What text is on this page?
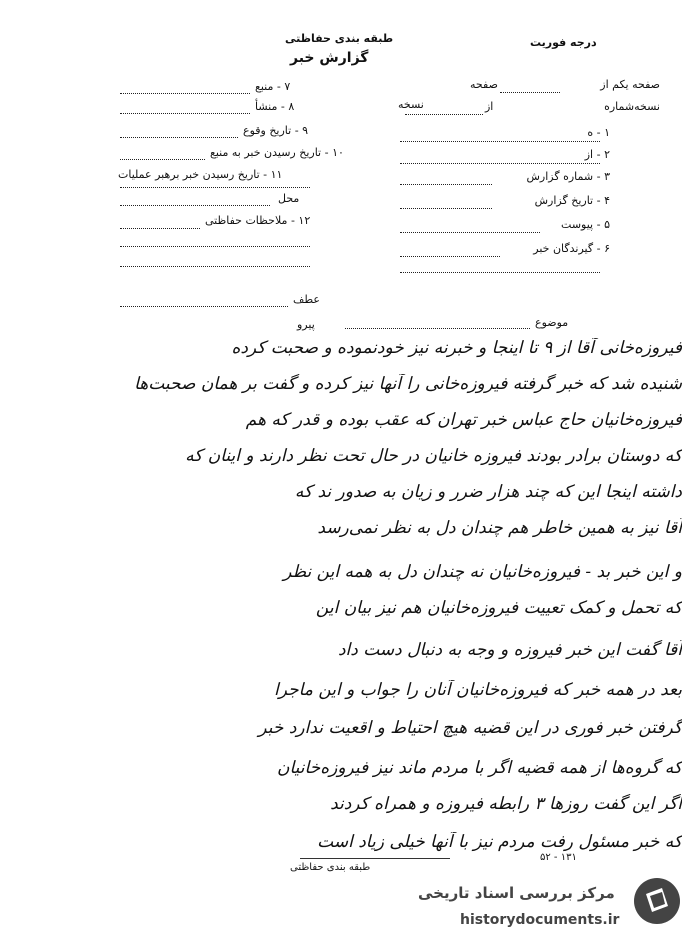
طبقه بندی حفاظتی
گزارش خبر
درجه فوریت
صفحه یکم از
صفحه
نسخه‌شماره
از
نسخه
۱ - ه
۲ - از
۳ - شماره گزارش
۴ - تاریخ گزارش
۵ - پیوست
۶ - گیرندگان خبر
۷ - منبع
۸ - منشأ
۹ - تاریخ وقوع
۱۰ - تاریخ رسیدن خبر به منبع
۱۱ - تاریخ رسیدن خبر برهبر عملیات
محل
۱۲ - ملاحظات حفاظتی
عطف
پیرو	موضوع
فیروزه‌خانی آقا از ۹ تا اینجا و خبرنه نیز خودنموده و صحبت کرده
شنیده شد که خبر گرفته فیروزه‌خانی را آنها نیز کرده و گفت بر همان صحبت‌ها
فیروزه‌خانیان حاج عباس خبر تهران که عقب بوده و قدر که هم
که دوستان برادر بودند فیروزه خانیان در حال تحت نظر دارند و اینان که
داشته اینجا این که چند هزار ضرر و زیان به صدور ند که
آقا نیز به همین خاطر هم چندان دل به نظر نمی‌رسد
و این خبر بد - فیروزه‌خانیان نه چندان دل به همه این نظر
که تحمل و کمک تعییت فیروزه‌خانیان هم نیز بیان این
آقا گفت این خبر فیروزه و وجه به دنبال دست داد
بعد در همه خبر که فیروزه‌خانیان آنان را جواب و این ماجرا
گرفتن خبر فوری در این قضیه هیچ احتیاط و اقعیت ندارد خبر
که گروه‌ها از همه قضیه اگر با مردم ماند نیز فیروزه‌خانیان
اگر این گفت روزها ۳ رابطه فیروزه و همراه کردند
که خبر مسئول رفت مردم نیز با آنها خیلی زیاد است
۵۲ - ۱۳۱
طبقه بندی حفاظتی
مرکز بررسی اسناد تاریخی
historydocuments.ir
